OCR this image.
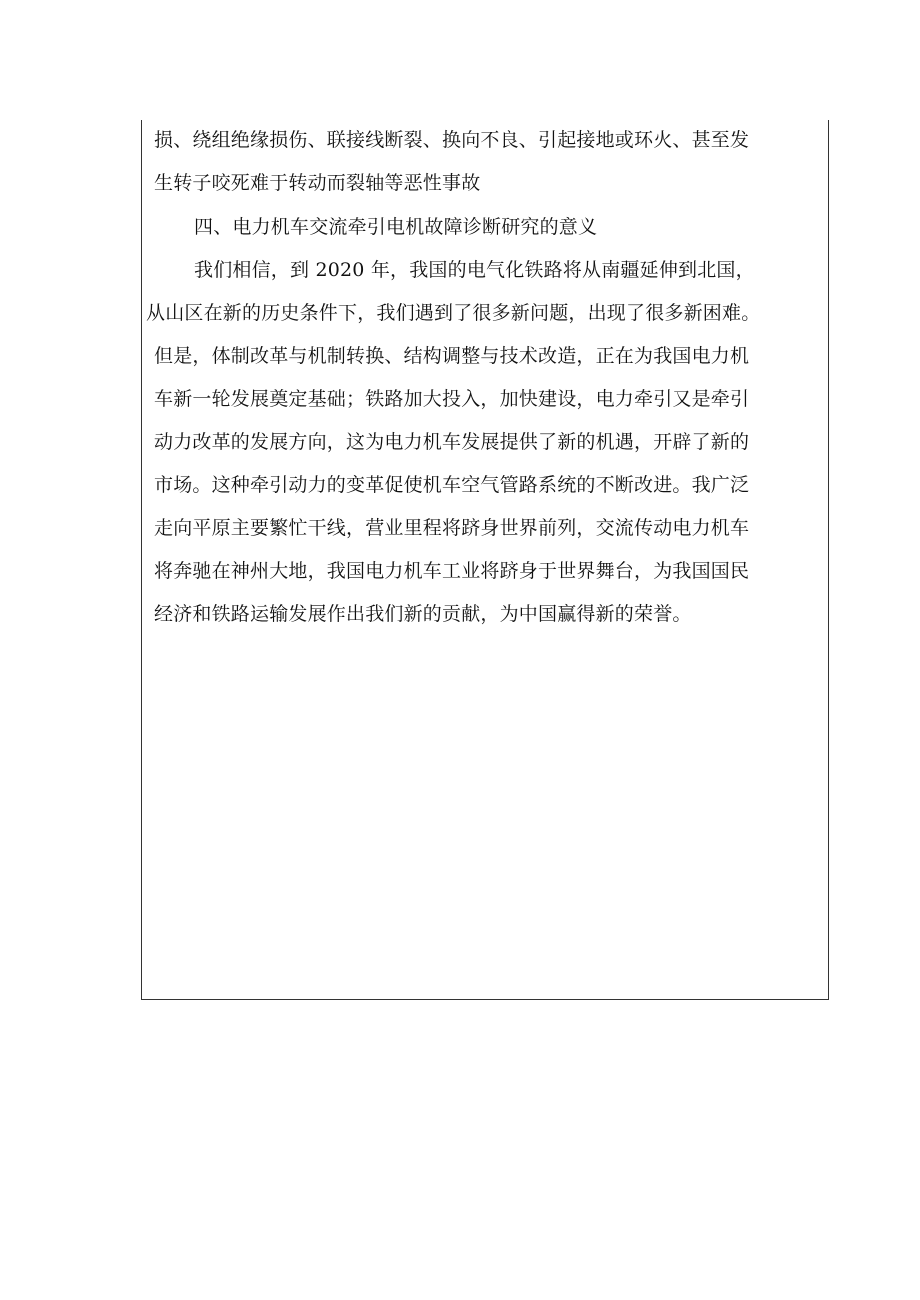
损、绕组绝缘损伤、联接线断裂、换向不良、引起接地或环火、甚至发
生转子咬死难于转动而裂轴等恶性事故
四、电力机车交流牵引电机故障诊断研究的意义
我们相信，到 2020 年，我国的电气化铁路将从南疆延伸到北国，
从山区在新的历史条件下，我们遇到了很多新问题，出现了很多新困难。
但是，体制改革与机制转换、结构调整与技术改造，正在为我国电力机
车新一轮发展奠定基础；铁路加大投入，加快建设，电力牵引又是牵引
动力改革的发展方向，这为电力机车发展提供了新的机遇，开辟了新的
市场。这种牵引动力的变革促使机车空气管路系统的不断改进。我广泛
走向平原主要繁忙干线，营业里程将跻身世界前列，交流传动电力机车
将奔驰在神州大地，我国电力机车工业将跻身于世界舞台，为我国国民
经济和铁路运输发展作出我们新的贡献，为中国赢得新的荣誉。
